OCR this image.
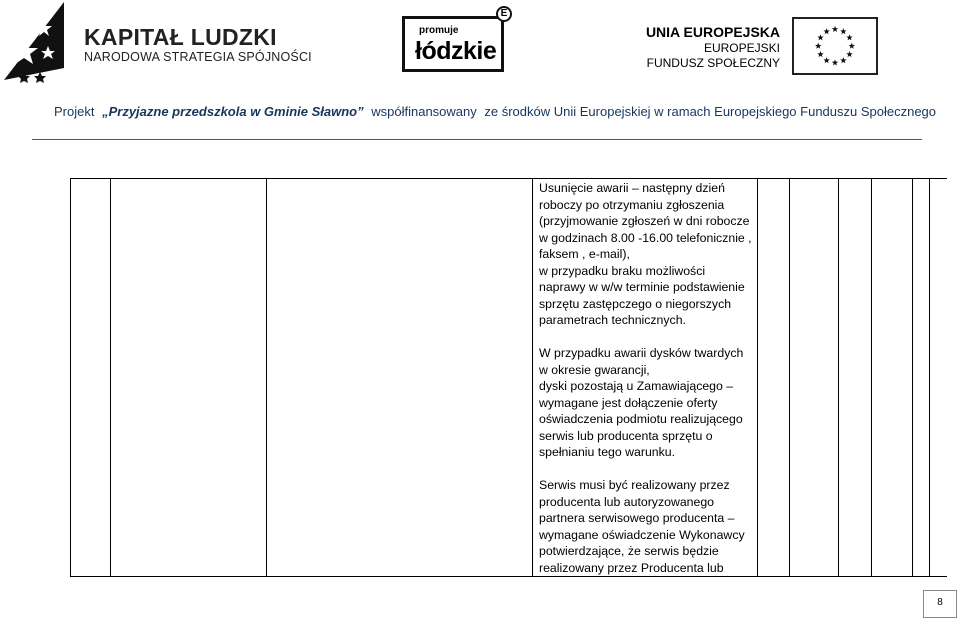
KAPITAŁ LUDZKI
NARODOWA STRATEGIA SPÓJNOŚCI
promuje
łódzkie
E
UNIA EUROPEJSKA
EUROPEJSKI
FUNDUSZ SPOŁECZNY
Projekt „Przyjazne przedszkola w Gminie Sławno” współfinansowany ze środków Unii Europejskiej w ramach Europejskiego Funduszu Społecznego

Usunięcie awarii – następny dzień

roboczy po otrzymaniu zgłoszenia

(przyjmowanie zgłoszeń w dni robocze

w godzinach 8.00 -16.00 telefonicznie ,

faksem , e-mail),

w przypadku braku możliwości

naprawy w w/w terminie podstawienie

sprzętu zastępczego o niegorszych

parametrach technicznych.

W przypadku awarii dysków twardych

w okresie gwarancji,

dyski pozostają u Zamawiającego –

wymagane jest dołączenie oferty

oświadczenia podmiotu realizującego

serwis lub producenta sprzętu o

spełnianiu tego warunku.

Serwis musi być realizowany przez

producenta lub autoryzowanego

partnera serwisowego producenta –

wymagane oświadczenie Wykonawcy

potwierdzające, że serwis będzie

realizowany przez Producenta lub

8
